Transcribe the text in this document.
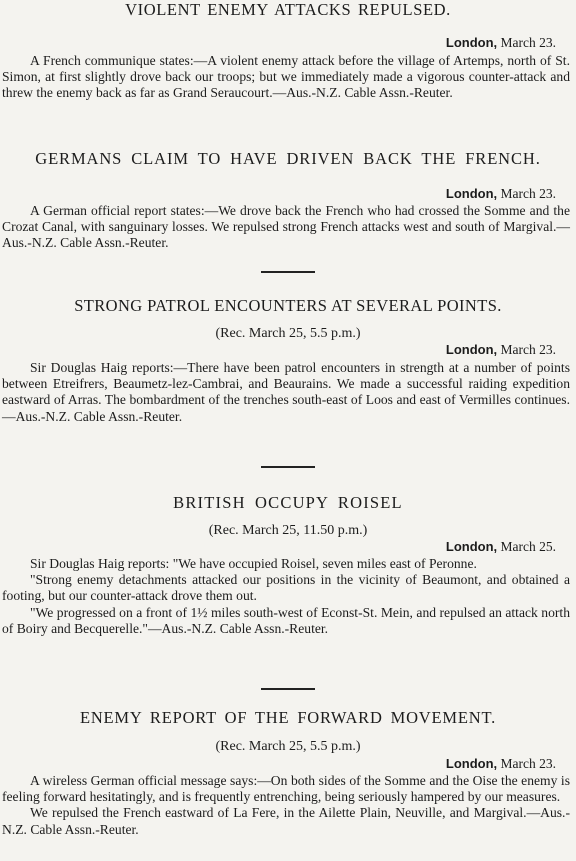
VIOLENT ENEMY ATTACKS REPULSED.
London, March 23.

A French communique states:—A violent enemy attack before the village of Artemps, north of St. Simon, at first slightly drove back our troops; but we immediately made a vigorous counter-attack and threw the enemy back as far as Grand Seraucourt.—Aus.-N.Z. Cable Assn.-Reuter.

GERMANS CLAIM TO HAVE DRIVEN BACK THE FRENCH.
London, March 23.

A German official report states:—We drove back the French who had crossed the Somme and the Crozat Canal, with sanguinary losses. We repulsed strong French attacks west and south of Margival.—Aus.-N.Z. Cable Assn.-Reuter.

STRONG PATROL ENCOUNTERS AT SEVERAL POINTS.
(Rec. March 25, 5.5 p.m.)
London, March 23.

Sir Douglas Haig reports:—There have been patrol encounters in strength at a number of points between Etreifrers, Beaumetz-lez-Cambrai, and Beaurains. We made a successful raiding expedition eastward of Arras. The bombardment of the trenches south-east of Loos and east of Vermilles continues.—Aus.-N.Z. Cable Assn.-Reuter.

BRITISH OCCUPY ROISEL
(Rec. March 25, 11.50 p.m.)
London, March 25.

Sir Douglas Haig reports: "We have occupied Roisel, seven miles east of Peronne.

"Strong enemy detachments attacked our positions in the vicinity of Beaumont, and obtained a footing, but our counter-attack drove them out.

"We progressed on a front of 1½ miles south-west of Econst-St. Mein, and repulsed an attack north of Boiry and Becquerelle."—Aus.-N.Z. Cable Assn.-Reuter.

ENEMY REPORT OF THE FORWARD MOVEMENT.
(Rec. March 25, 5.5 p.m.)
London, March 23.

A wireless German official message says:—On both sides of the Somme and the Oise the enemy is feeling forward hesitatingly, and is frequently entrenching, being seriously hampered by our measures.

We repulsed the French eastward of La Fere, in the Ailette Plain, Neuville, and Margival.—Aus.-N.Z. Cable Assn.-Reuter.
